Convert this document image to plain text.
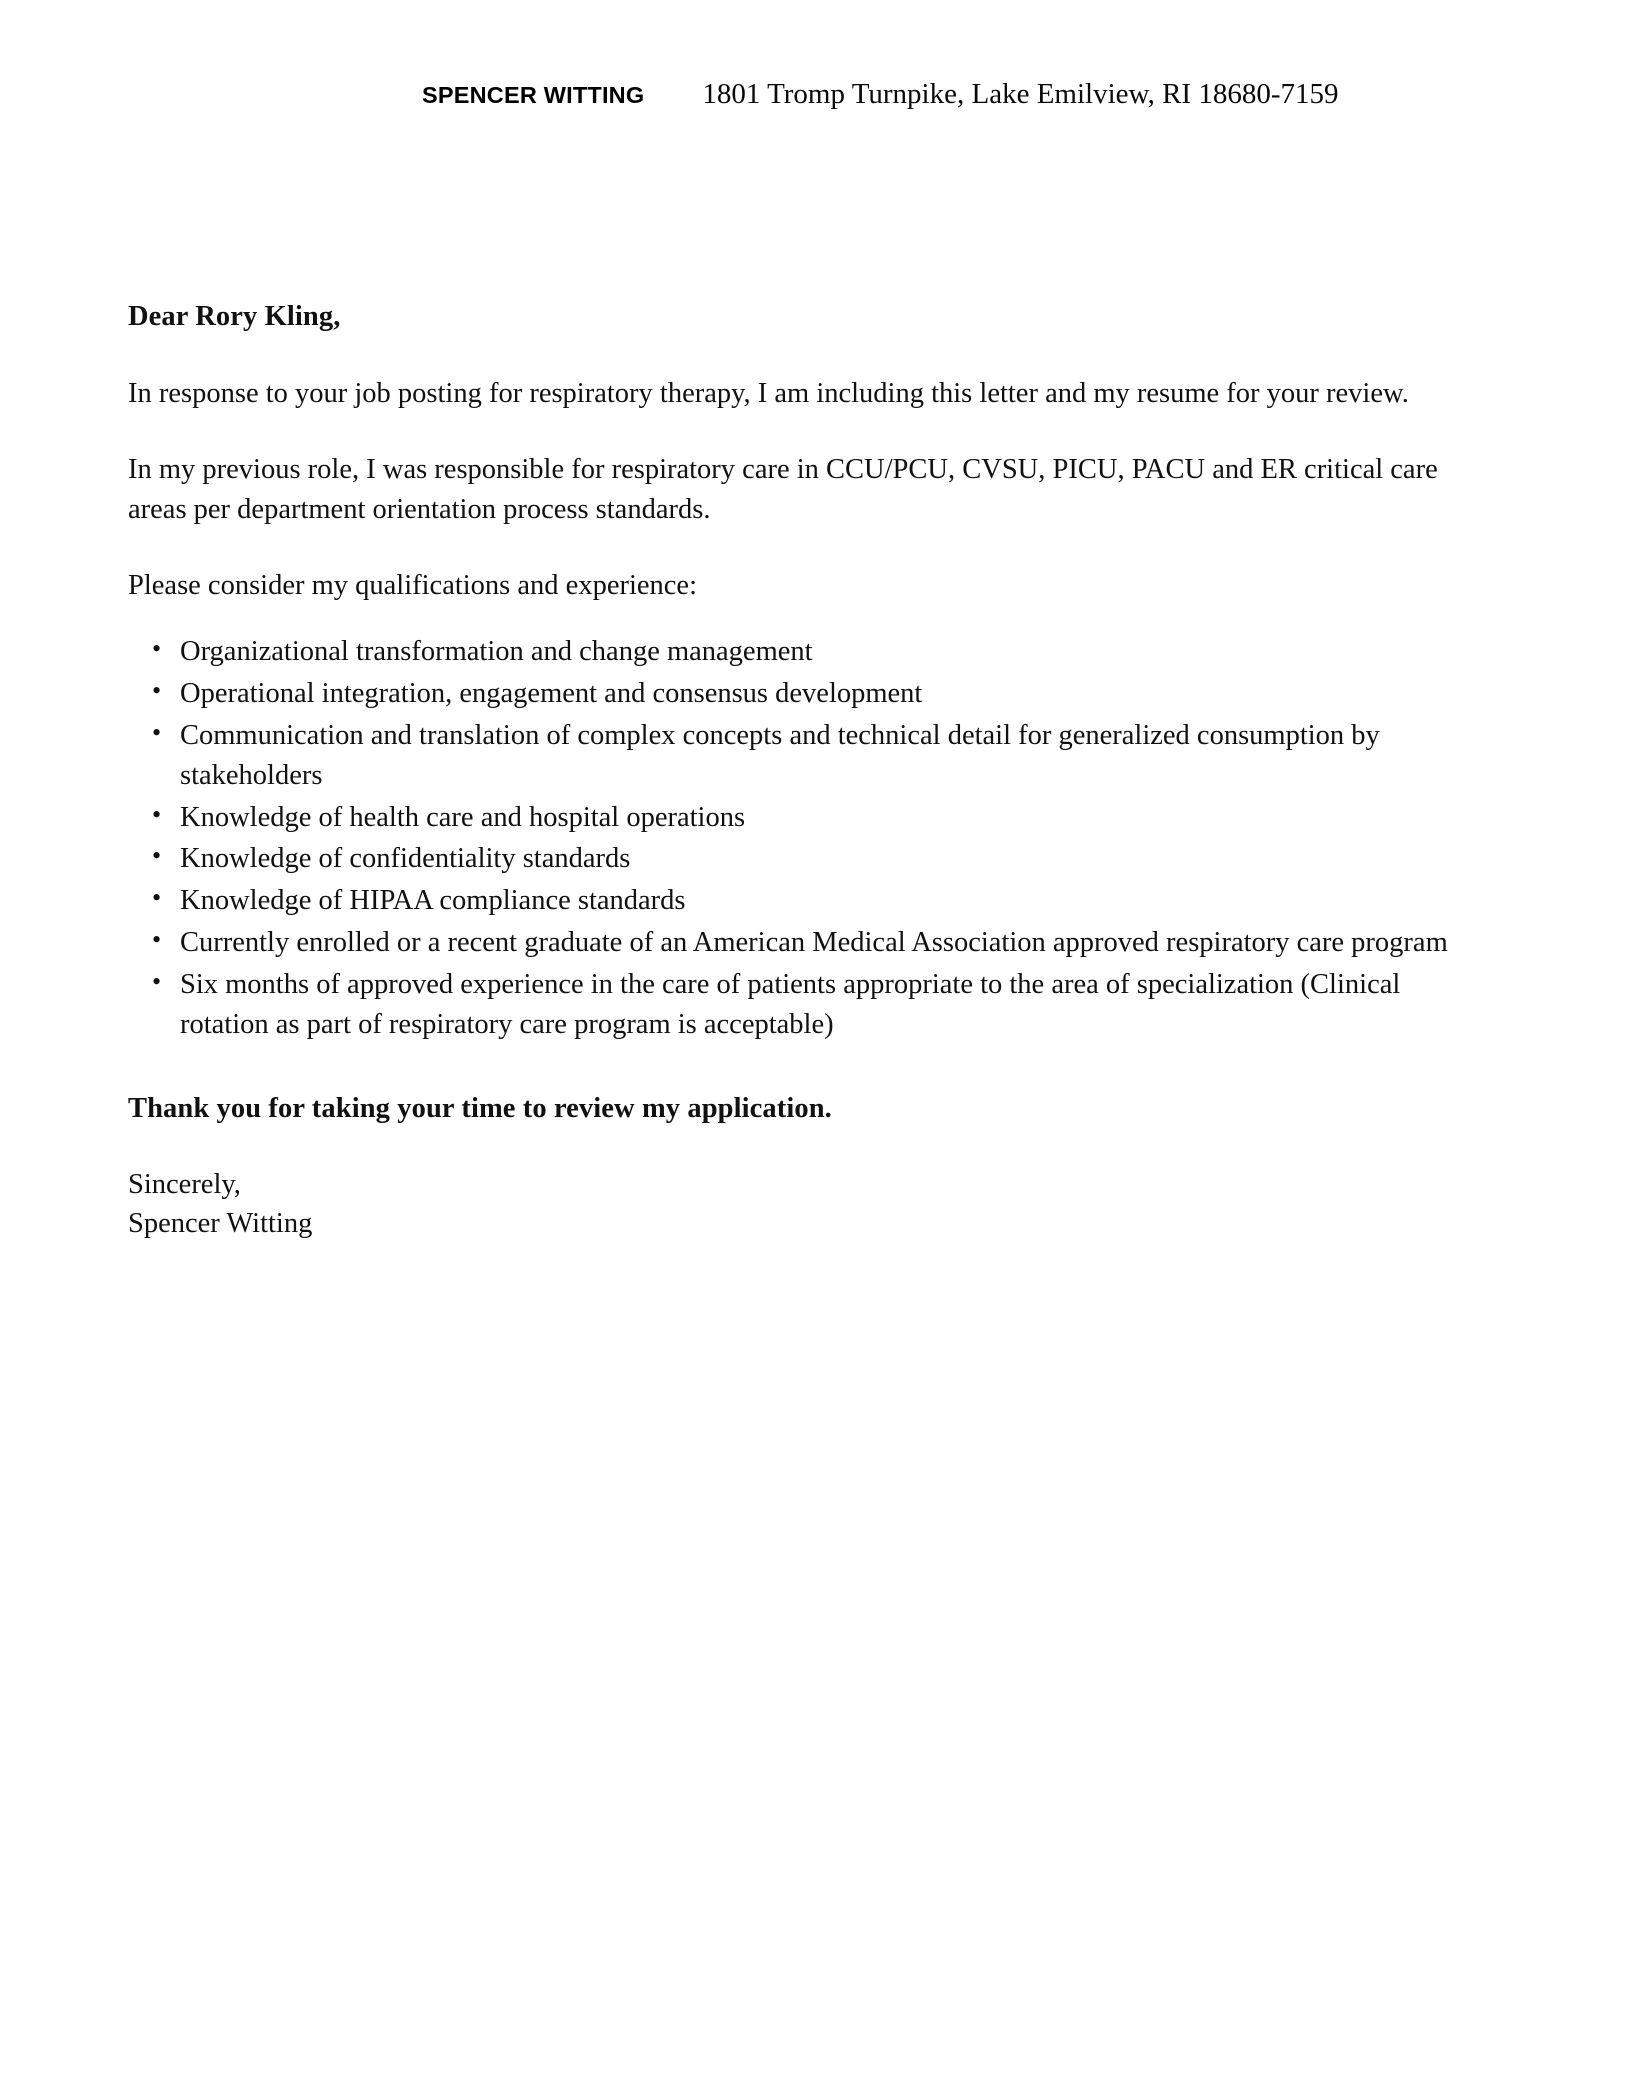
SPENCER WITTING 1801 Tromp Turnpike, Lake Emilview, RI 18680-7159

Dear Rory Kling,

In response to your job posting for respiratory therapy, I am including this letter and my resume for your review.

In my previous role, I was responsible for respiratory care in CCU/PCU, CVSU, PICU, PACU and ER critical care areas per department orientation process standards.

Please consider my qualifications and experience:

• Organizational transformation and change management
• Operational integration, engagement and consensus development
• Communication and translation of complex concepts and technical detail for generalized consumption by stakeholders
• Knowledge of health care and hospital operations
• Knowledge of confidentiality standards
• Knowledge of HIPAA compliance standards
• Currently enrolled or a recent graduate of an American Medical Association approved respiratory care program
• Six months of approved experience in the care of patients appropriate to the area of specialization (Clinical rotation as part of respiratory care program is acceptable)

Thank you for taking your time to review my application.

Sincerely,
Spencer Witting
